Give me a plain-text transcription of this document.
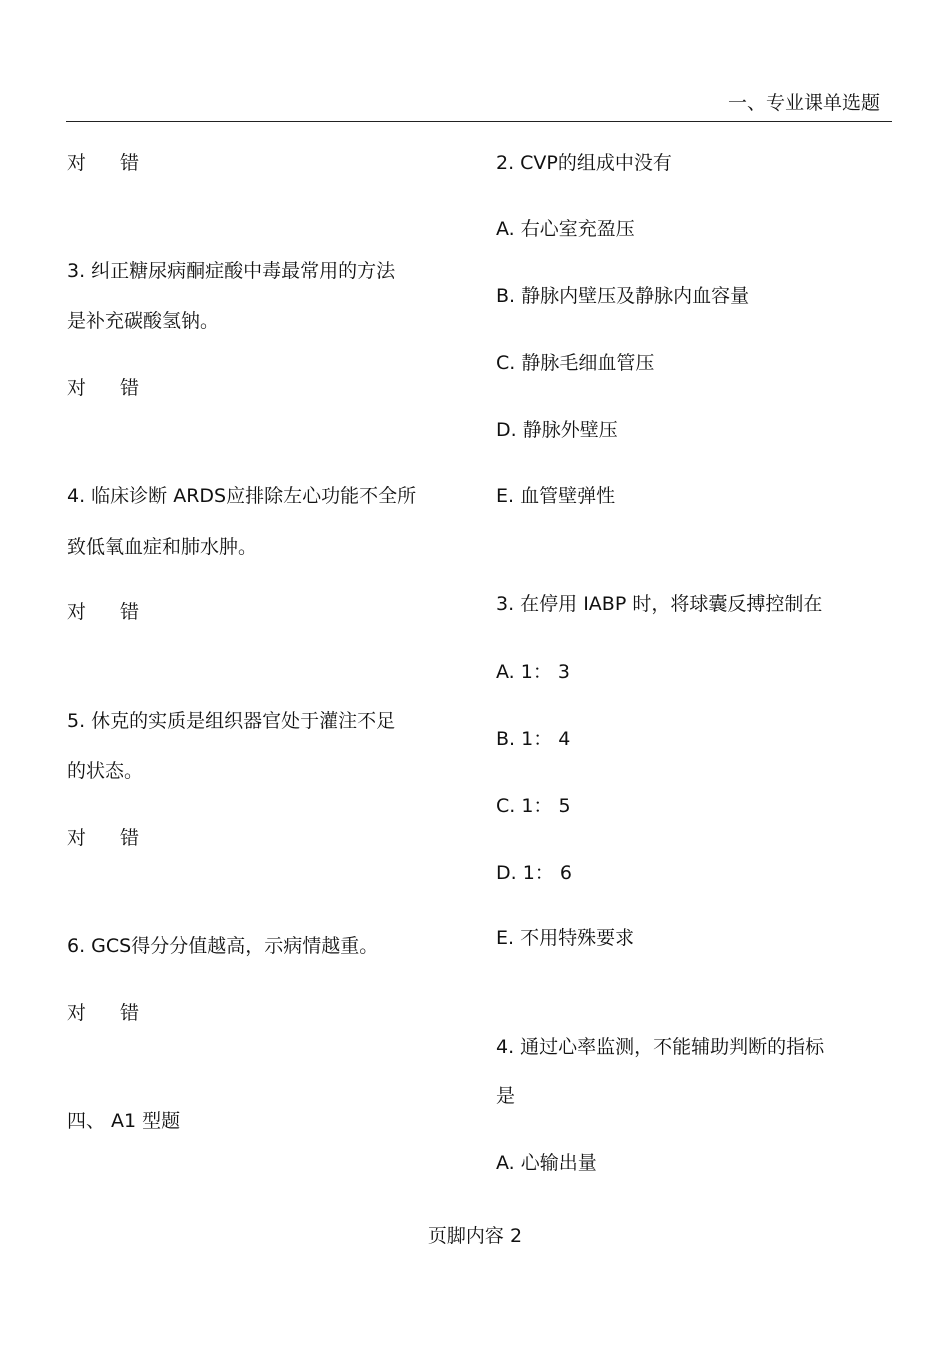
一、专业课单选题
对 错
3. 纠正糖尿病酮症酸中毒最常用的方法
是补充碳酸氢钠。
对 错
4. 临床诊断 ARDS应排除左心功能不全所
致低氧血症和肺水肿。
对 错
5. 休克的实质是组织器官处于灌注不足
的状态。
对 错
6. GCS得分分值越高，示病情越重。
对 错
四、 A1 型题
2. CVP的组成中没有
A. 右心室充盈压
B. 静脉内壁压及静脉内血容量
C. 静脉毛细血管压
D. 静脉外壁压
E. 血管壁弹性
3. 在停用 IABP 时，将球囊反搏控制在
A. 1： 3
B. 1： 4
C. 1： 5
D. 1： 6
E. 不用特殊要求
4. 通过心率监测，不能辅助判断的指标
是
A. 心输出量
页脚内容 2
